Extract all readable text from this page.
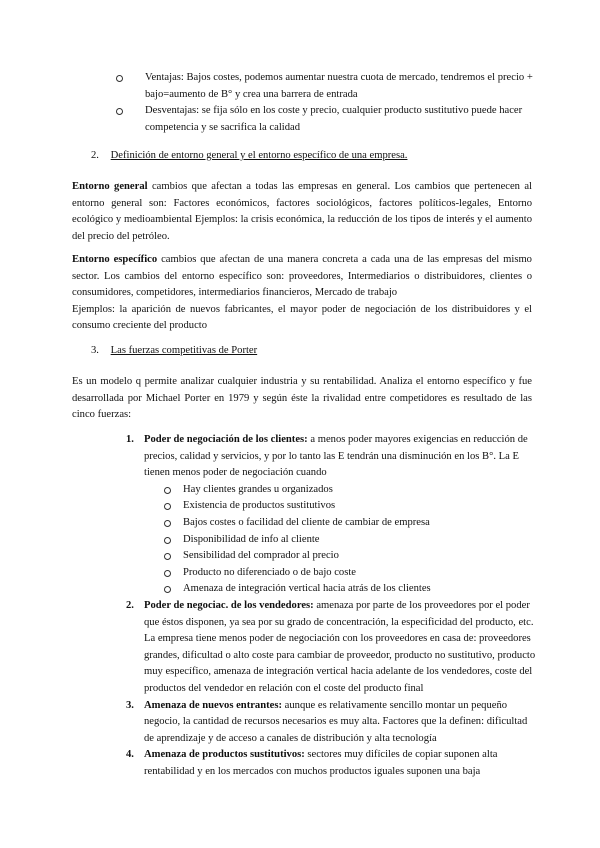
Ventajas: Bajos costes, podemos aumentar nuestra cuota de mercado, tendremos el precio + bajo=aumento de B° y crea una barrera de entrada
Desventajas: se fija sólo en los coste y precio, cualquier producto sustitutivo puede hacer competencia y se sacrifica la calidad
2. Definición de entorno general y el entorno específico de una empresa.

Entorno general cambios que afectan a todas las empresas en general. Los cambios que pertenecen al entorno general son: Factores económicos, factores sociológicos, factores políticos-legales, Entorno ecológico y medioambiental Ejemplos: la crisis económica, la reducción de los tipos de interés y el aumento del precio del petróleo.

Entorno específico cambios que afectan de una manera concreta a cada una de las empresas del mismo sector. Los cambios del entorno específico son: proveedores, Intermediarios o distribuidores, clientes o consumidores, competidores, intermediarios financieros, Mercado de trabajo
Ejemplos: la aparición de nuevos fabricantes, el mayor poder de negociación de los distribuidores y el consumo creciente del producto

3. Las fuerzas competitivas de Porter

Es un modelo q permite analizar cualquier industria y su rentabilidad. Analiza el entorno específico y fue desarrollada por Michael Porter en 1979 y según éste la rivalidad entre competidores es resultado de las cinco fuerzas:

1. Poder de negociación de los clientes: a menos poder mayores exigencias en reducción de precios, calidad y servicios, y por lo tanto las E tendrán una disminución en los B°. La E tienen menos poder de negociación cuando
Hay clientes grandes u organizados
Existencia de productos sustitutivos
Bajos costes o facilidad del cliente de cambiar de empresa
Disponibilidad de info al cliente
Sensibilidad del comprador al precio
Producto no diferenciado o de bajo coste
Amenaza de integración vertical hacia atrás de los clientes
2. Poder de negociac. de los vendedores: amenaza por parte de los proveedores por el poder que éstos disponen, ya sea por su grado de concentración, la especificidad del producto, etc. La empresa tiene menos poder de negociación con los proveedores en casa de: proveedores grandes, dificultad o alto coste para cambiar de proveedor, producto no sustitutivo, producto muy específico, amenaza de integración vertical hacia adelante de los vendedores, coste del productos del vendedor en relación con el coste del producto final
3. Amenaza de nuevos entrantes: aunque es relativamente sencillo montar un pequeño negocio, la cantidad de recursos necesarios es muy alta. Factores que la definen: dificultad de aprendizaje y de acceso a canales de distribución y alta tecnología
4. Amenaza de productos sustitutivos: sectores muy difíciles de copiar suponen alta rentabilidad y en los mercados con muchos productos iguales suponen una baja
